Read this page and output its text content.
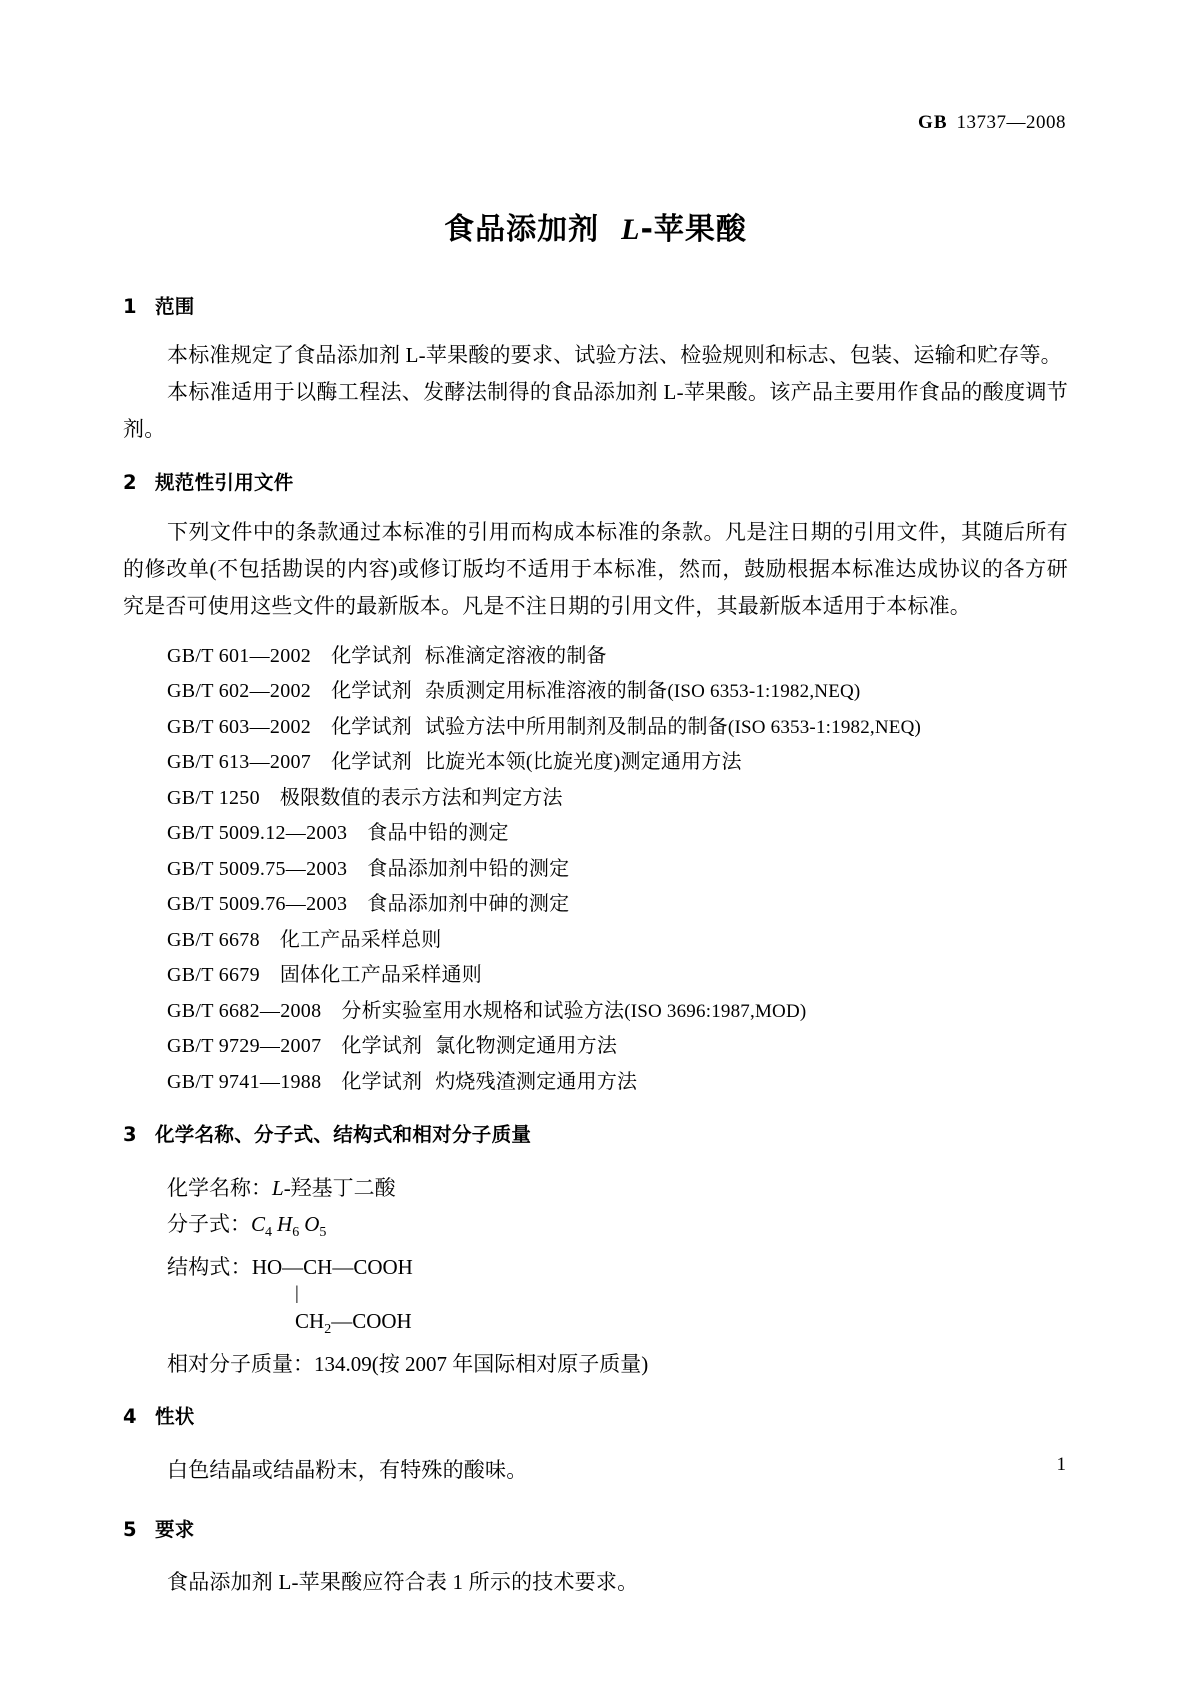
GB 13737—2008
食品添加剂 L-苹果酸
1 范围

本标准规定了食品添加剂 L-苹果酸的要求、试验方法、检验规则和标志、包装、运输和贮存等。

本标准适用于以酶工程法、发酵法制得的食品添加剂 L-苹果酸。该产品主要用作食品的酸度调节剂。

2 规范性引用文件

下列文件中的条款通过本标准的引用而构成本标准的条款。凡是注日期的引用文件，其随后所有的修改单(不包括勘误的内容)或修订版均不适用于本标准，然而，鼓励根据本标准达成协议的各方研究是否可使用这些文件的最新版本。凡是不注日期的引用文件，其最新版本适用于本标准。

GB/T 601—2002 化学试剂 标准滴定溶液的制备
GB/T 602—2002 化学试剂 杂质测定用标准溶液的制备(ISO 6353-1:1982,NEQ)
GB/T 603—2002 化学试剂 试验方法中所用制剂及制品的制备(ISO 6353-1:1982,NEQ)
GB/T 613—2007 化学试剂 比旋光本领(比旋光度)测定通用方法
GB/T 1250 极限数值的表示方法和判定方法
GB/T 5009.12—2003 食品中铅的测定
GB/T 5009.75—2003 食品添加剂中铅的测定
GB/T 5009.76—2003 食品添加剂中砷的测定
GB/T 6678 化工产品采样总则
GB/T 6679 固体化工产品采样通则
GB/T 6682—2008 分析实验室用水规格和试验方法(ISO 3696:1987,MOD)
GB/T 9729—2007 化学试剂 氯化物测定通用方法
GB/T 9741—1988 化学试剂 灼烧残渣测定通用方法
3 化学名称、分子式、结构式和相对分子质量
化学名称：L-羟基丁二酸
分子式：$C_4$ $H_6$ $O_5$
结构式：HO—CH—COOH
|
$CH_2—COOH$
相对分子质量：134.09(按 2007 年国际相对原子质量)
4 性状

白色结晶或结晶粉末，有特殊的酸味。

5 要求

食品添加剂 L-苹果酸应符合表 1 所示的技术要求。

1
